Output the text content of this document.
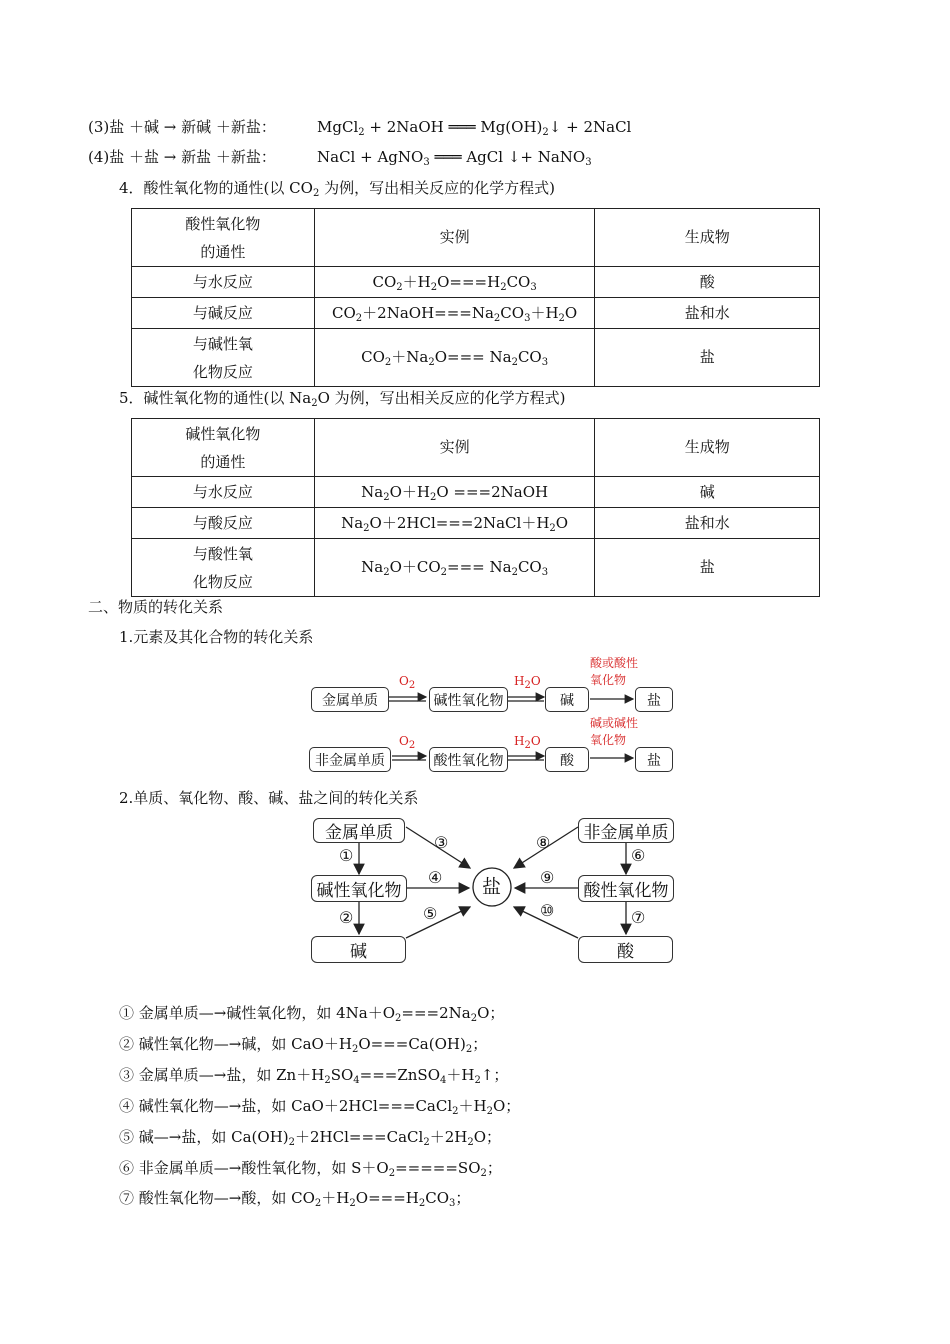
(3)盐 ＋碱 → 新碱 ＋新盐：	MgCl$_2$ + 2NaOH ═══ $Mg(OH)_2↓$ + 2NaCl
(4)盐 ＋盐 → 新盐 ＋新盐：	NaCl + AgNO$_3$ ═══ AgCl ↓+ NaNO$_3$
4．酸性氧化物的通性(以 $CO_2$ 为例，写出相关反应的化学方程式)
酸性氧化物的通性	实例	生成物
与水反应	$CO_2+H_2O===H_2CO_3$	酸
与碱反应	$CO_2+2NaOH===Na_2CO_3+H_2O$	盐和水

与碱性氧化物反应	$CO_2+Na_2O=== Na_2CO_3$	盐
5．碱性氧化物的通性(以 $Na_2O$ 为例，写出相关反应的化学方程式)
碱性氧化物的通性	实例	生成物
与水反应	$Na_2O+H_2O$ ===2NaOH	碱
与酸反应	$Na_2O+2HCl===2NaCl+H_2O$	盐和水

与酸性氧化物反应	$Na_2O+CO_2=== Na_2CO_3$	盐
二、物质的转化关系
1.元素及其化合物的转化关系
金属单质	碱性氧化物	碱	盐
$O_2$	$H_2O$
酸或酸性
氧化物
非金属单质	酸性氧化物	酸	盐
$O_2$	$H_2O$
碱或碱性
氧化物
2.单质、氧化物、酸、碱、盐之间的转化关系
盐
金属单质
碱性氧化物
碱
非金属单质
酸性氧化物
酸
①
②
③
④
⑤
⑥
⑦
⑧
⑨
⑩
① 金属单质—→碱性氧化物，如 $4Na+O_2===2Na_2O$；
② 碱性氧化物—→碱，如 $CaO+H_2O===Ca(OH)_2$；
③ 金属单质—→盐，如 $Zn+H_2SO_4===ZnSO_4+H_2↑$；
④ 碱性氧化物—→盐，如 $CaO+2HCl===CaCl_2+H_2O$；
⑤ 碱—→盐，如 $Ca(OH)_2+2HCl===CaCl_2+2H_2O$；
⑥ 非金属单质—→酸性氧化物，如 $S+O_2=====SO_2$；
⑦ 酸性氧化物—→酸，如 $CO_2+H_2O===H_2CO_3$；
